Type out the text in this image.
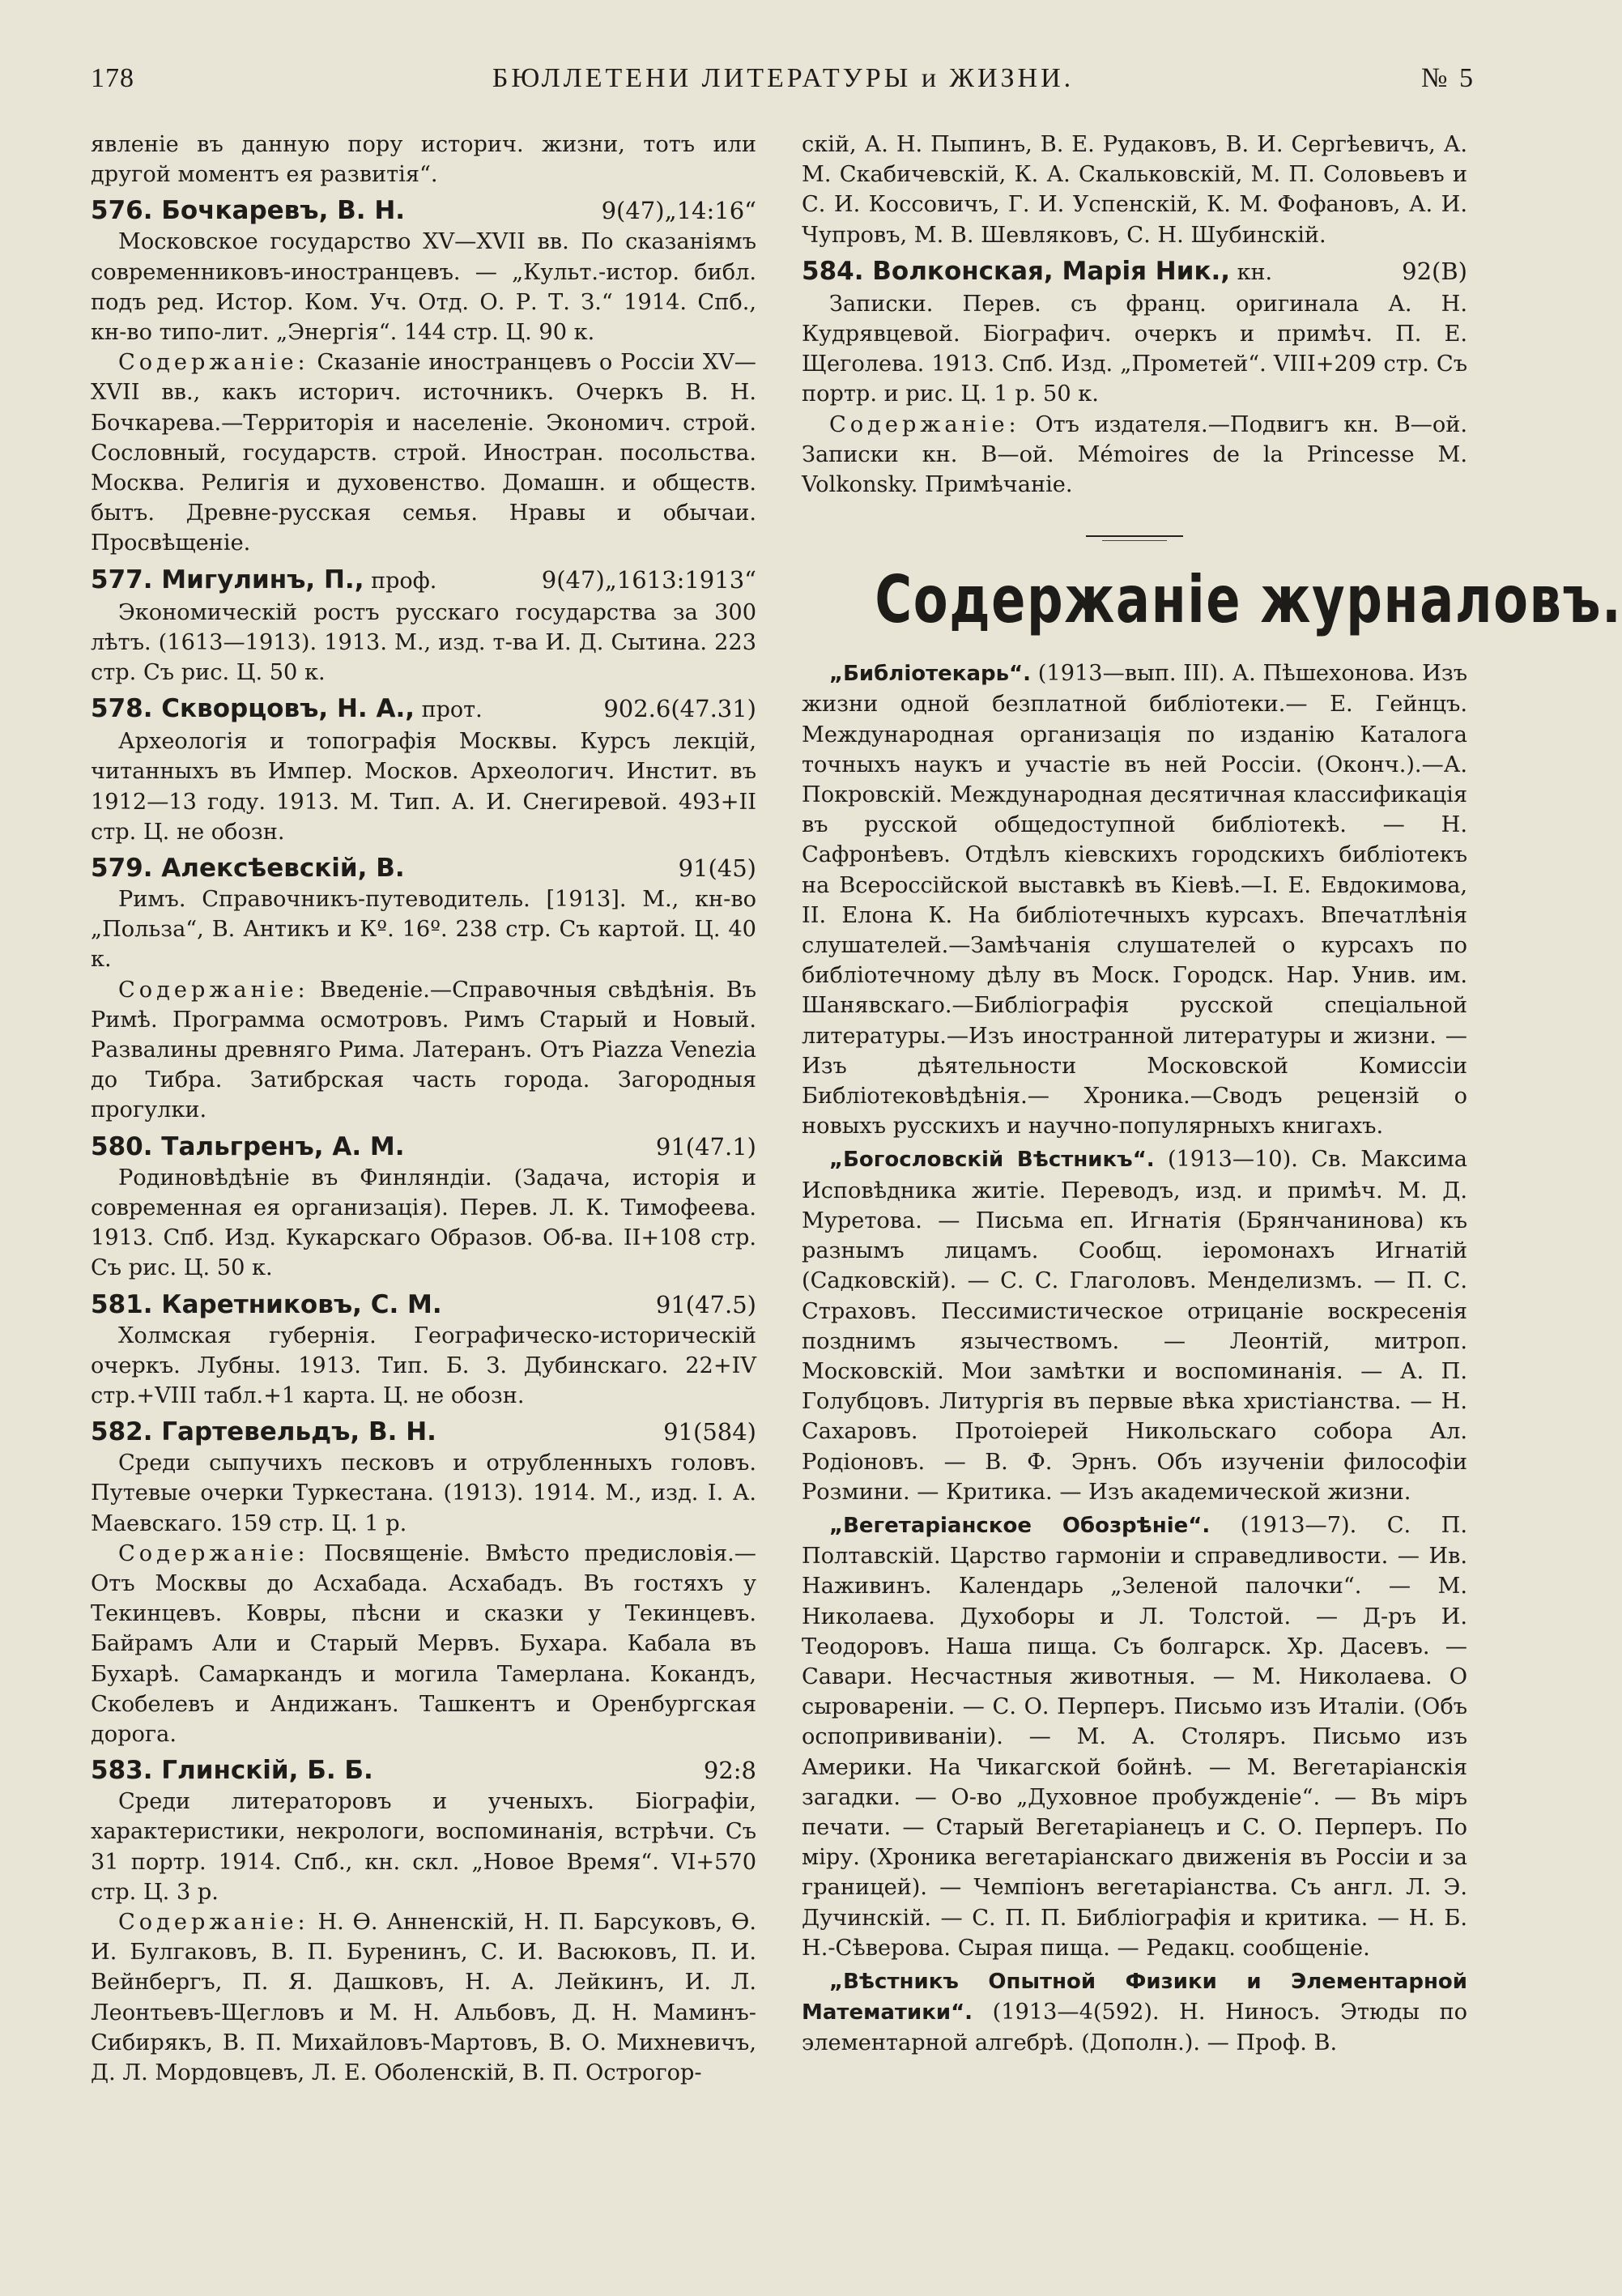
178	БЮЛЛЕТЕНИ ЛИТЕРАТУРЫ и ЖИЗНИ.	№ 5

явленіе въ данную пору историч. жизни, тотъ или другой моментъ ея развитія“.

576. Бочкаревъ, В. Н.	9(47)„14:16“

Московское государство XV—XVII вв. По сказаніямъ современниковъ-иностранцевъ. — „Культ.-истор. библ. подъ ред. Истор. Ком. Уч. Отд. О. Р. Т. З.“ 1914. Спб., кн-во типо-лит. „Энергія“. 144 стр. Ц. 90 к.

Содержаніе: Сказаніе иностранцевъ о Россіи XV—XVII вв., какъ историч. источникъ. Очеркъ В. Н. Бочкарева.—Территорія и населеніе. Экономич. строй. Сословный, государств. строй. Иностран. посольства. Москва. Религія и духовенство. Домашн. и обществ. бытъ. Древне-русская семья. Нравы и обычаи. Просвѣщеніе.

577. Мигулинъ, П., проф.	9(47)„1613:1913“

Экономическій ростъ русскаго государства за 300 лѣтъ. (1613—1913). 1913. М., изд. т-ва И. Д. Сытина. 223 стр. Съ рис. Ц. 50 к.

578. Скворцовъ, Н. А., прот.	902.6(47.31)

Археологія и топографія Москвы. Курсъ лекцій, читанныхъ въ Импер. Москов. Археологич. Инстит. въ 1912—13 году. 1913. М. Тип. А. И. Снегиревой. 493+II стр. Ц. не обозн.

579. Алексѣевскій, В.	91(45)

Римъ. Справочникъ-путеводитель. [1913]. М., кн-во „Польза“, В. Антикъ и Кº. 16º. 238 стр. Съ картой. Ц. 40 к.

Содержаніе: Введеніе.—Справочныя свѣдѣнія. Въ Римѣ. Программа осмотровъ. Римъ Старый и Новый. Развалины древняго Рима. Латеранъ. Отъ Piazza Venezia до Тибра. Затибрская часть города. Загородныя прогулки.

580. Тальгренъ, А. М.	91(47.1)

Родиновѣдѣніе въ Финляндіи. (Задача, исторія и современная ея организація). Перев. Л. К. Тимофеева. 1913. Спб. Изд. Кукарскаго Образов. Об-ва. II+108 стр. Съ рис. Ц. 50 к.

581. Каретниковъ, С. М.	91(47.5)

Холмская губернія. Географическо-историческій очеркъ. Лубны. 1913. Тип. Б. З. Дубинскаго. 22+IV стр.+VIII табл.+1 карта. Ц. не обозн.

582. Гартевельдъ, В. Н.	91(584)

Среди сыпучихъ песковъ и отрубленныхъ головъ. Путевые очерки Туркестана. (1913). 1914. М., изд. І. А. Маевскаго. 159 стр. Ц. 1 р.

Содержаніе: Посвященіе. Вмѣсто предисловія.—Отъ Москвы до Асхабада. Асхабадъ. Въ гостяхъ у Текинцевъ. Ковры, пѣсни и сказки у Текинцевъ. Байрамъ Али и Старый Мервъ. Бухара. Кабала въ Бухарѣ. Самаркандъ и могила Тамерлана. Кокандъ, Скобелевъ и Андижанъ. Ташкентъ и Оренбургская дорога.

583. Глинскій, Б. Б.	92:8

Среди литераторовъ и ученыхъ. Біографіи, характеристики, некрологи, воспоминанія, встрѣчи. Съ 31 портр. 1914. Спб., кн. скл. „Новое Время“. VI+570 стр. Ц. 3 р.

Содержаніе: Н. Ѳ. Анненскій, Н. П. Барсуковъ, Ѳ. И. Булгаковъ, В. П. Буренинъ, С. И. Васюковъ, П. И. Вейнбергъ, П. Я. Дашковъ, Н. А. Лейкинъ, И. Л. Леонтьевъ-Щегловъ и М. Н. Альбовъ, Д. Н. Маминъ-Сибирякъ, В. П. Михайловъ-Мартовъ, В. О. Михневичъ, Д. Л. Мордовцевъ, Л. Е. Оболенскій, В. П. Острогор-

скій, А. Н. Пыпинъ, В. Е. Рудаковъ, В. И. Сергѣевичъ, А. М. Скабичевскій, К. А. Скальковскій, М. П. Соловьевъ и С. И. Коссовичъ, Г. И. Успенскій, К. М. Фофановъ, А. И. Чупровъ, М. В. Шевляковъ, С. Н. Шубинскій.

584. Волконская, Марія Ник., кн.	92(В)

Записки. Перев. съ франц. оригинала А. Н. Кудрявцевой. Біографич. очеркъ и примѣч. П. Е. Щеголева. 1913. Спб. Изд. „Прометей“. VIII+209 стр. Съ портр. и рис. Ц. 1 р. 50 к.

Содержаніе: Отъ издателя.—Подвигъ кн. В—ой. Записки кн. В—ой. Mémoires de la Princesse M. Volkonsky. Примѣчаніе.

Содержаніе журналовъ.

„Библіотекарь“. (1913—вып. III). А. Пѣшехонова. Изъ жизни одной безплатной библіотеки.— Е. Гейнцъ. Международная организація по изданію Каталога точныхъ наукъ и участіе въ ней Россіи. (Оконч.).—А. Покровскій. Международная десятичная классификація въ русской общедоступной библіотекѣ. — Н. Сафронѣевъ. Отдѣлъ кіевскихъ городскихъ библіотекъ на Всероссійской выставкѣ въ Кіевѣ.—І. Е. Евдокимова, II. Елона К. На библіотечныхъ курсахъ. Впечатлѣнія слушателей.—Замѣчанія слушателей о курсахъ по библіотечному дѣлу въ Моск. Городск. Нар. Унив. им. Шанявскаго.—Библіографія русской спеціальной литературы.—Изъ иностранной литературы и жизни. — Изъ дѣятельности Московской Комиссіи Библіотековѣдѣнія.— Хроника.—Сводъ рецензій о новыхъ русскихъ и научно-популярныхъ книгахъ.

„Богословскій Вѣстникъ“. (1913—10). Св. Максима Исповѣдника житіе. Переводъ, изд. и примѣч. М. Д. Муретова. — Письма еп. Игнатія (Брянчанинова) къ разнымъ лицамъ. Сообщ. іеромонахъ Игнатій (Садковскій). — С. С. Глаголовъ. Менделизмъ. — П. С. Страховъ. Пессимистическое отрицаніе воскресенія позднимъ язычествомъ. — Леонтій, митроп. Московскій. Мои замѣтки и воспоминанія. — А. П. Голубцовъ. Литургія въ первые вѣка христіанства. — Н. Сахаровъ. Протоіерей Никольскаго собора Ал. Родіоновъ. — В. Ф. Эрнъ. Объ изученіи философіи Розмини. — Критика. — Изъ академической жизни.

„Вегетаріанское Обозрѣніе“. (1913—7). С. П. Полтавскій. Царство гармоніи и справедливости. — Ив. Наживинъ. Календарь „Зеленой палочки“. — М. Николаева. Духоборы и Л. Толстой. — Д-ръ И. Теодоровъ. Наша пища. Съ болгарск. Хр. Дасевъ. — Савари. Несчастныя животныя. — М. Николаева. О сыровареніи. — С. О. Перперъ. Письмо изъ Италіи. (Объ оспопрививаніи). — М. А. Столяръ. Письмо изъ Америки. На Чикагской бойнѣ. — М. Вегетаріанскія загадки. — О-во „Духовное пробужденіе“. — Въ міръ печати. — Старый Вегетаріанецъ и С. О. Перперъ. По міру. (Хроника вегетаріанскаго движенія въ Россіи и за границей). — Чемпіонъ вегетаріанства. Съ англ. Л. Э. Дучинскій. — С. П. П. Библіографія и критика. — Н. Б. Н.-Сѣверова. Сырая пища. — Редакц. сообщеніе.

„Вѣстникъ Опытной Физики и Элементарной Математики“. (1913—4(592). Н. Ниносъ. Этюды по элементарной алгебрѣ. (Дополн.). — Проф. В.
